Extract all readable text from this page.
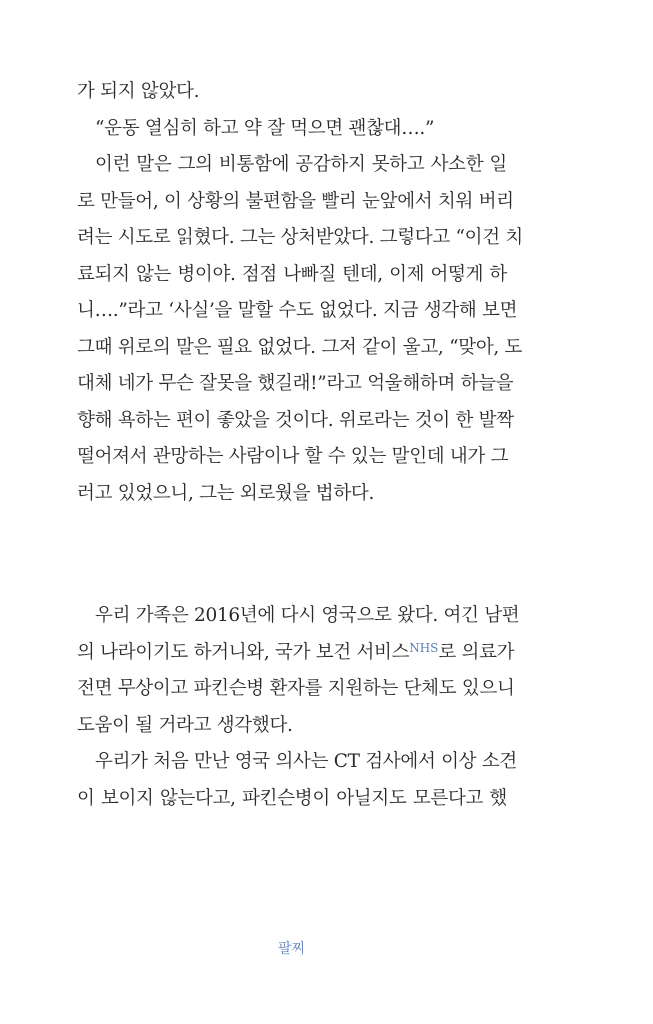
가 되지 않았다.
“운동 열심히 하고 약 잘 먹으면 괜찮대….”
이런 말은 그의 비통함에 공감하지 못하고 사소한 일
로 만들어, 이 상황의 불편함을 빨리 눈앞에서 치워 버리
려는 시도로 읽혔다. 그는 상처받았다. 그렇다고 “이건 치
료되지 않는 병이야. 점점 나빠질 텐데, 이제 어떻게 하
니….”라고 ‘사실’을 말할 수도 없었다. 지금 생각해 보면
그때 위로의 말은 필요 없었다. 그저 같이 울고, “맞아, 도
대체 네가 무슨 잘못을 했길래!”라고 억울해하며 하늘을
향해 욕하는 편이 좋았을 것이다. 위로라는 것이 한 발짝
떨어져서 관망하는 사람이나 할 수 있는 말인데 내가 그
러고 있었으니, 그는 외로웠을 법하다.
우리 가족은 2016년에 다시 영국으로 왔다. 여긴 남편
의 나라이기도 하거니와, 국가 보건 서비스$^{NHS}$로 의료가
전면 무상이고 파킨슨병 환자를 지원하는 단체도 있으니
도움이 될 거라고 생각했다.
우리가 처음 만난 영국 의사는 CT 검사에서 이상 소견
이 보이지 않는다고, 파킨슨병이 아닐지도 모른다고 했
팔찌
